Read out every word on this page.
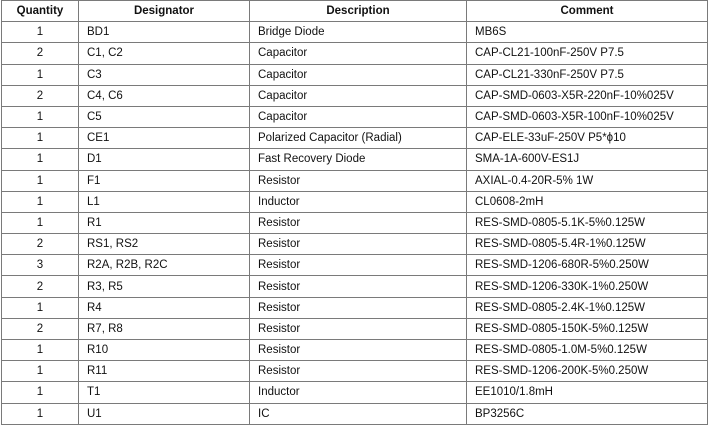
Quantity	Designator	Description	Comment
1	BD1	Bridge Diode	MB6S
2	C1, C2	Capacitor	CAP-CL21-100nF-250V P7.5
1	C3	Capacitor	CAP-CL21-330nF-250V P7.5
2	C4, C6	Capacitor	CAP-SMD-0603-X5R-220nF-10%025V
1	C5	Capacitor	CAP-SMD-0603-X5R-100nF-10%025V
1	CE1	Polarized Capacitor (Radial)	CAP-ELE-33uF-250V P5*ϕ10
1	D1	Fast Recovery Diode	SMA-1A-600V-ES1J
1	F1	Resistor	AXIAL-0.4-20R-5% 1W
1	L1	Inductor	CL0608-2mH
1	R1	Resistor	RES-SMD-0805-5.1K-5%0.125W
2	RS1, RS2	Resistor	RES-SMD-0805-5.4R-1%0.125W
3	R2A, R2B, R2C	Resistor	RES-SMD-1206-680R-5%0.250W
2	R3, R5	Resistor	RES-SMD-1206-330K-1%0.250W
1	R4	Resistor	RES-SMD-0805-2.4K-1%0.125W
2	R7, R8	Resistor	RES-SMD-0805-150K-5%0.125W
1	R10	Resistor	RES-SMD-0805-1.0M-5%0.125W
1	R11	Resistor	RES-SMD-1206-200K-5%0.250W
1	T1	Inductor	EE1010/1.8mH
1	U1	IC	BP3256C
